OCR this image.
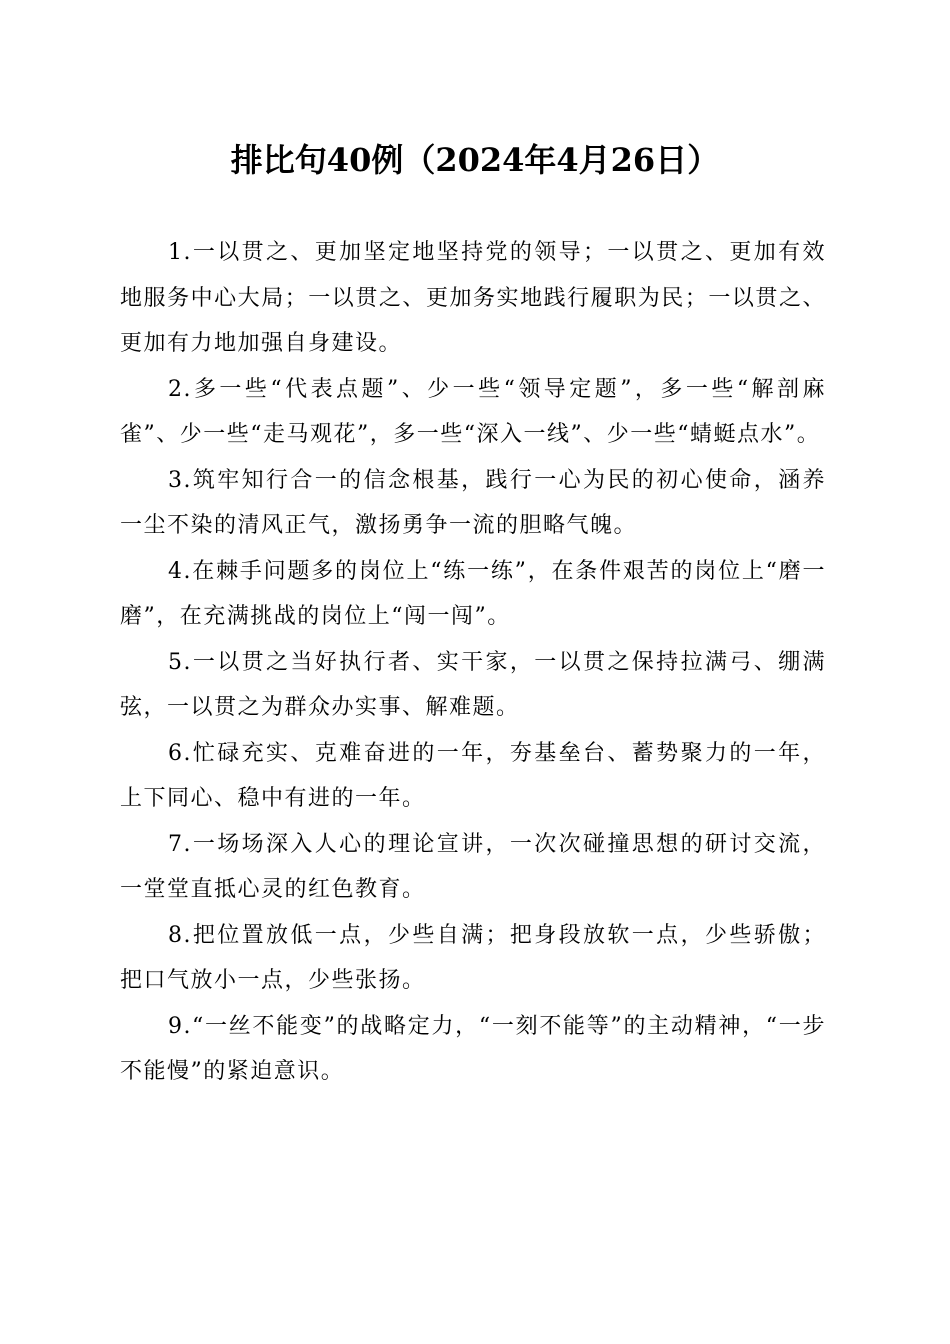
排比句40例（2024年4月26日）

1.一以贯之、更加坚定地坚持党的领导；一以贯之、更加有效地服务中心大局；一以贯之、更加务实地践行履职为民；一以贯之、更加有力地加强自身建设。

2.多一些“代表点题”、少一些“领导定题”，多一些“解剖麻雀”、少一些“走马观花”，多一些“深入一线”、少一些“蜻蜓点水”。

3.筑牢知行合一的信念根基，践行一心为民的初心使命，涵养一尘不染的清风正气，激扬勇争一流的胆略气魄。

4.在棘手问题多的岗位上“练一练”，在条件艰苦的岗位上“磨一磨”，在充满挑战的岗位上“闯一闯”。

5.一以贯之当好执行者、实干家，一以贯之保持拉满弓、绷满弦，一以贯之为群众办实事、解难题。

6.忙碌充实、克难奋进的一年，夯基垒台、蓄势聚力的一年，上下同心、稳中有进的一年。

7.一场场深入人心的理论宣讲，一次次碰撞思想的研讨交流，一堂堂直抵心灵的红色教育。

8.把位置放低一点，少些自满；把身段放软一点，少些骄傲；把口气放小一点，少些张扬。

9.“一丝不能变”的战略定力，“一刻不能等”的主动精神，“一步不能慢”的紧迫意识。
